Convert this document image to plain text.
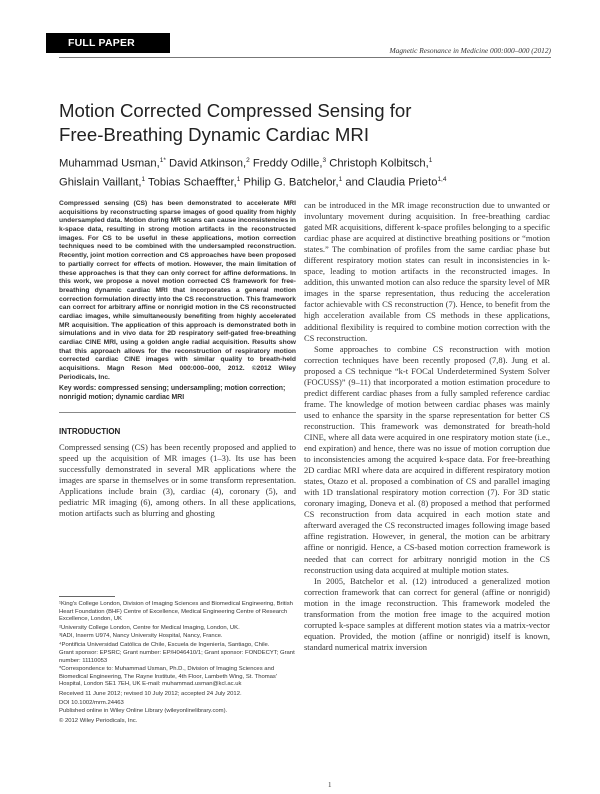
FULL PAPER
Magnetic Resonance in Medicine 000:000–000 (2012)
Motion Corrected Compressed Sensing for
Free-Breathing Dynamic Cardiac MRI
Muhammad Usman,$^{1*}$ David Atkinson,$^2$ Freddy Odille,$^3$ Christoph Kolbitsch,$^1$
Ghislain Vaillant,$^1$ Tobias Schaeffter,$^1$ Philip G. Batchelor,$^1$ and Claudia Prieto$^{1,4}$

Compressed sensing (CS) has been demonstrated to accelerate MRI acquisitions by reconstructing sparse images of good quality from highly undersampled data. Motion during MR scans can cause inconsistencies in k-space data, resulting in strong motion artifacts in the reconstructed images. For CS to be useful in these applications, motion correction techniques need to be combined with the undersampled reconstruction. Recently, joint motion correction and CS approaches have been proposed to partially correct for effects of motion. However, the main limitation of these approaches is that they can only correct for affine deformations. In this work, we propose a novel motion corrected CS framework for free-breathing dynamic cardiac MRI that incorporates a general motion correction formulation directly into the CS reconstruction. This framework can correct for arbitrary affine or nonrigid motion in the CS reconstructed cardiac images, while simultaneously benefiting from highly accelerated MR acquisition. The application of this approach is demonstrated both in simulations and in vivo data for 2D respiratory self-gated free-breathing cardiac CINE MRI, using a golden angle radial acquisition. Results show that this approach allows for the reconstruction of respiratory motion corrected cardiac CINE images with similar quality to breath-held acquisitions. Magn Reson Med 000:000–000, 2012. ©2012 Wiley Periodicals, Inc.

Key words: compressed sensing; undersampling; motion correction; nonrigid motion; dynamic cardiac MRI

INTRODUCTION

Compressed sensing (CS) has been recently proposed and applied to speed up the acquisition of MR images (1–3). Its use has been successfully demonstrated in several MR applications where the images are sparse in themselves or in some transform representation. Applications include brain (3), cardiac (4), coronary (5), and pediatric MR imaging (6), among others. In all these applications, motion artifacts such as blurring and ghosting

¹King's College London, Division of Imaging Sciences and Biomedical Engineering, British Heart Foundation (BHF) Centre of Excellence, Medical Engineering Centre of Research Excellence, London, UK

²University College London, Centre for Medical Imaging, London, UK.

³IADI, Inserm U974, Nancy University Hospital, Nancy, France.

⁴Pontificia Universidad Católica de Chile, Escuela de Ingeniería, Santiago, Chile.

Grant sponsor: EPSRC; Grant number: EP/H046410/1; Grant sponsor: FONDECYT; Grant number: 11110053

*Correspondence to: Muhammad Usman, Ph.D., Division of Imaging Sciences and Biomedical Engineering, The Rayne Institute, 4th Floor, Lambeth Wing, St. Thomas' Hospital, London SE1 7EH, UK E-mail: muhammad.usman@kcl.ac.uk

Received 11 June 2012; revised 10 July 2012; accepted 24 July 2012.

DOI 10.1002/mrm.24463

Published online in Wiley Online Library (wileyonlinelibrary.com).

© 2012 Wiley Periodicals, Inc.

can be introduced in the MR image reconstruction due to unwanted or involuntary movement during acquisition. In free-breathing cardiac gated MR acquisitions, different k-space profiles belonging to a specific cardiac phase are acquired at distinctive breathing positions or “motion states.” The combination of profiles from the same cardiac phase but different respiratory motion states can result in inconsistencies in k-space, leading to motion artifacts in the reconstructed images. In addition, this unwanted motion can also reduce the sparsity level of MR images in the sparse representation, thus reducing the acceleration factor achievable with CS reconstruction (7). Hence, to benefit from the high acceleration available from CS methods in these applications, additional flexibility is required to combine motion correction with the CS reconstruction.

Some approaches to combine CS reconstruction with motion correction techniques have been recently proposed (7,8). Jung et al. proposed a CS technique “k-t FOCal Underdetermined System Solver (FOCUSS)” (9–11) that incorporated a motion estimation procedure to predict different cardiac phases from a fully sampled reference cardiac frame. The knowledge of motion between cardiac phases was mainly used to enhance the sparsity in the sparse representation for better CS reconstruction. This framework was demonstrated for breath-hold CINE, where all data were acquired in one respiratory motion state (i.e., end expiration) and hence, there was no issue of motion corruption due to inconsistencies among the acquired k-space data. For free-breathing 2D cardiac MRI where data are acquired in different respiratory motion states, Otazo et al. proposed a combination of CS and parallel imaging with 1D translational respiratory motion correction (7). For 3D static coronary imaging, Doneva et al. (8) proposed a method that performed CS reconstruction from data acquired in each motion state and afterward averaged the CS reconstructed images following image based affine registration. However, in general, the motion can be arbitrary affine or nonrigid. Hence, a CS-based motion correction framework is needed that can correct for arbitrary nonrigid motion in the CS reconstruction using data acquired at multiple motion states.

In 2005, Batchelor et al. (12) introduced a generalized motion correction framework that can correct for general (affine or nonrigid) motion in the image reconstruction. This framework modeled the transformation from the motion free image to the acquired motion corrupted k-space samples at different motion states via a matrix-vector equation. Provided, the motion (affine or nonrigid) itself is known, standard numerical matrix inversion

1
